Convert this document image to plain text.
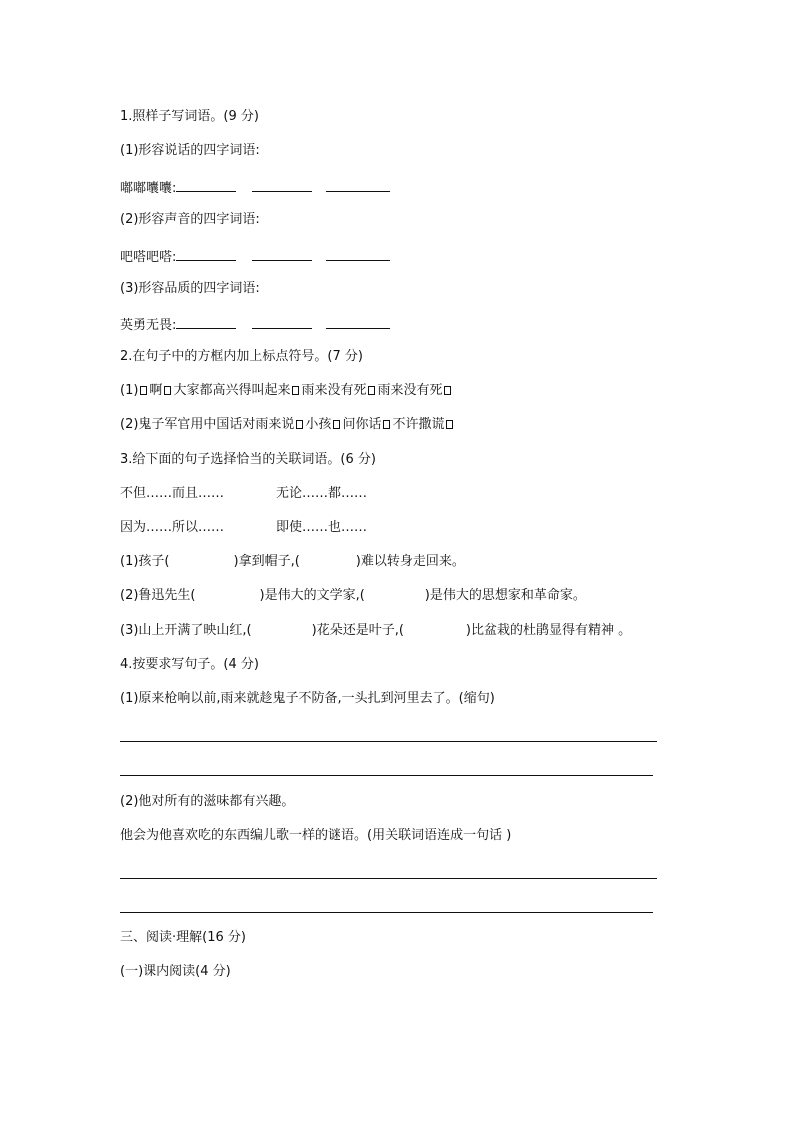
1.照样子写词语。(9 分)
(1)形容说话的四字词语:
嘟嘟囔囔:
(2)形容声音的四字词语:
吧嗒吧嗒:
(3)形容品质的四字词语:
英勇无畏:
2.在句子中的方框内加上标点符号。(7 分)
(1) 啊 大家都高兴得叫起来 雨来没有死 雨来没有死
(2)鬼子军官用中国话对雨来说 小孩 问你话 不许撒谎
3.给下面的句子选择恰当的关联词语。(6 分)
不但……而且……	无论……都……
因为……所以……	即使……也……
(1)孩子(	)拿到帽子,(	)难以转身走回来。
(2)鲁迅先生(	)是伟大的文学家,(	)是伟大的思想家和革命家。
(3)山上开满了映山红,(	)花朵还是叶子,(	)比盆栽的杜鹃显得有精神 。
4.按要求写句子。(4 分)
(1)原来枪响以前,雨来就趁鬼子不防备,一头扎到河里去了。(缩句)
(2)他对所有的滋味都有兴趣。
他会为他喜欢吃的东西编儿歌一样的谜语。(用关联词语连成一句话 )
三、阅读·理解(16 分)
(一)课内阅读(4 分)
